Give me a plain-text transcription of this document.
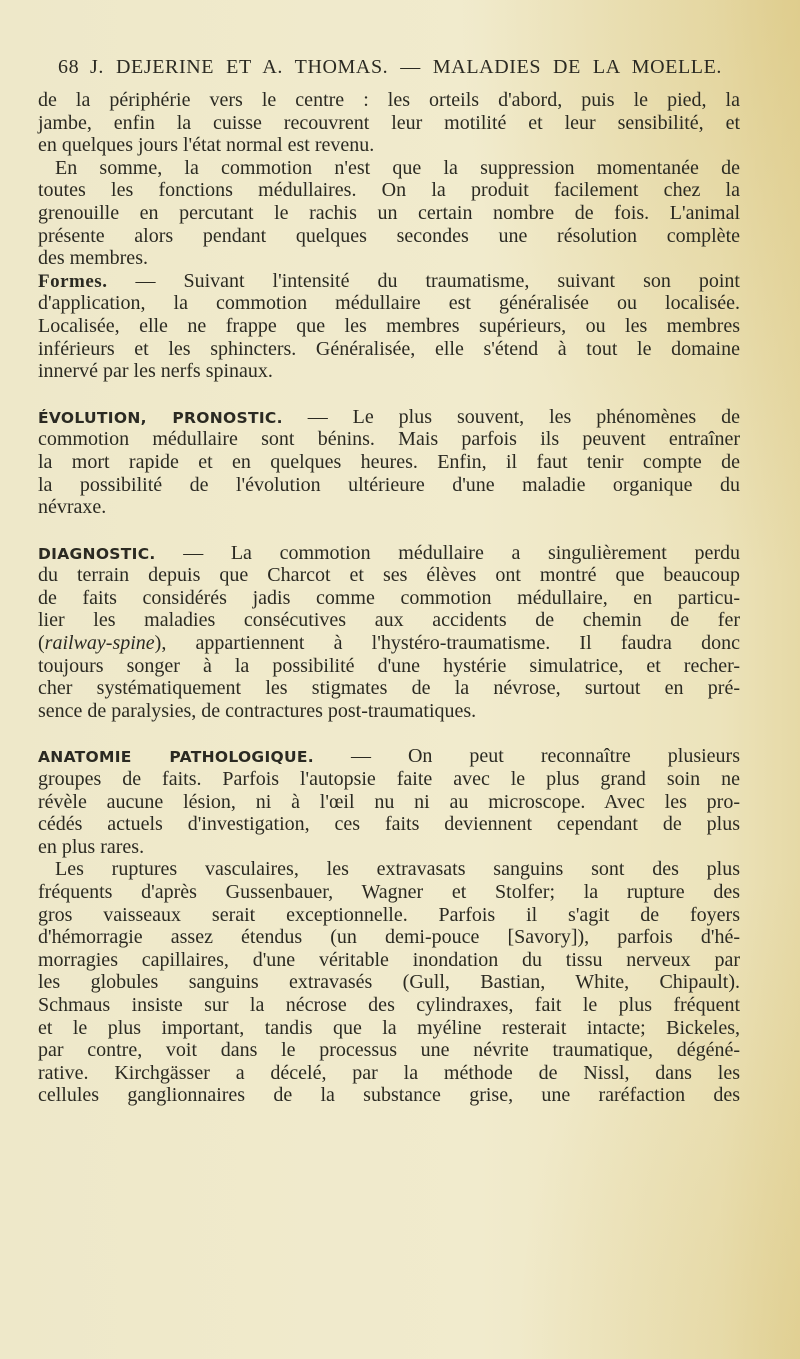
68 J. DEJERINE ET A. THOMAS. — MALADIES DE LA MOELLE.
de la périphérie vers le centre : les orteils d'abord, puis le pied, la
jambe, enfin la cuisse recouvrent leur motilité et leur sensibilité, et
en quelques jours l'état normal est revenu.
En somme, la commotion n'est que la suppression momentanée de
toutes les fonctions médullaires. On la produit facilement chez la
grenouille en percutant le rachis un certain nombre de fois. L'animal
présente alors pendant quelques secondes une résolution complète
des membres.
Formes. — Suivant l'intensité du traumatisme, suivant son point
d'application, la commotion médullaire est généralisée ou localisée.
Localisée, elle ne frappe que les membres supérieurs, ou les membres
inférieurs et les sphincters. Généralisée, elle s'étend à tout le domaine
innervé par les nerfs spinaux.
ÉVOLUTION, PRONOSTIC. — Le plus souvent, les phénomènes de
commotion médullaire sont bénins. Mais parfois ils peuvent entraîner
la mort rapide et en quelques heures. Enfin, il faut tenir compte de
la possibilité de l'évolution ultérieure d'une maladie organique du
névraxe.
DIAGNOSTIC. — La commotion médullaire a singulièrement perdu
du terrain depuis que Charcot et ses élèves ont montré que beaucoup
de faits considérés jadis comme commotion médullaire, en particu-
lier les maladies consécutives aux accidents de chemin de fer
(railway-spine), appartiennent à l'hystéro-traumatisme. Il faudra donc
toujours songer à la possibilité d'une hystérie simulatrice, et recher-
cher systématiquement les stigmates de la névrose, surtout en pré-
sence de paralysies, de contractures post-traumatiques.
ANATOMIE PATHOLOGIQUE. — On peut reconnaître plusieurs
groupes de faits. Parfois l'autopsie faite avec le plus grand soin ne
révèle aucune lésion, ni à l'œil nu ni au microscope. Avec les pro-
cédés actuels d'investigation, ces faits deviennent cependant de plus
en plus rares.
Les ruptures vasculaires, les extravasats sanguins sont des plus
fréquents d'après Gussenbauer, Wagner et Stolfer; la rupture des
gros vaisseaux serait exceptionnelle. Parfois il s'agit de foyers
d'hémorragie assez étendus (un demi-pouce [Savory]), parfois d'hé-
morragies capillaires, d'une véritable inondation du tissu nerveux par
les globules sanguins extravasés (Gull, Bastian, White, Chipault).
Schmaus insiste sur la nécrose des cylindraxes, fait le plus fréquent
et le plus important, tandis que la myéline resterait intacte; Bickeles,
par contre, voit dans le processus une névrite traumatique, dégéné-
rative. Kirchgässer a décelé, par la méthode de Nissl, dans les
cellules ganglionnaires de la substance grise, une raréfaction des
